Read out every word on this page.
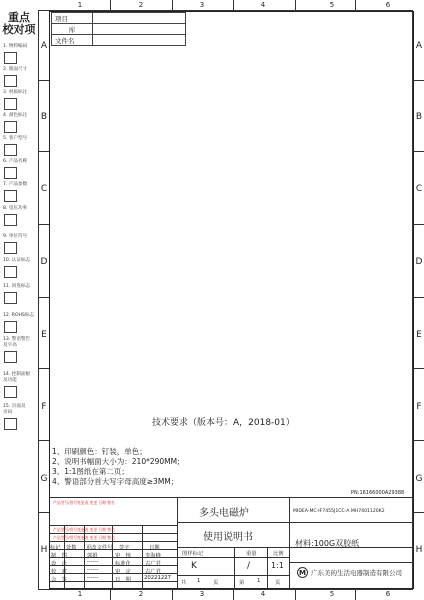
重点
校对项
1. 物料编码
2. 版面尺寸
3. 材质标注
4. 颜色标注
5. 客户型号
6. 产品名称
7. 产品参数
8. 电压功率
9. 单位符号
10. 认证标志
11. 回签标志
12. ROHS标志
13. 警语警告
及字高
14. 控制面板
及功能
15. 页面及
页码
1
1
2
2
3
3
4
4
5
5
6
6
A	A
B	B
C	C
D	D
E	E
F	F
G	G
H	H
项目	
库	
文件名	
技术要求（版本号：A，2018-01）
1、印刷颜色：钉装，单色；
2、说明书幅面大小为：210*290MM;
3、1:1图纸在第二页；
4、警语部分首大写字母高度≥3MM；
PN:16166000A29388
产品型号/图号变更表 变更 日期 签名
产品型号/图号变更表 变更 日期 签名
产品型号/图号变更表 变更 日期 签名
标记 处数 更改文件号 签字	日期
制　图	郭娟	审　核	李海峰
设　计	------	标准化	古广君
校　对	------	审　定	古广君
会　签	------	日　期 20221227
多头电磁炉
使用说明书
图样标记	重量	比例
K	/	1:1
共 1 页	第 1	页
MIDEA-MC-IF7455J1CC-A MH7401120K2
材料:100G双胶纸
M 广东美的生活电器制造有限公司
